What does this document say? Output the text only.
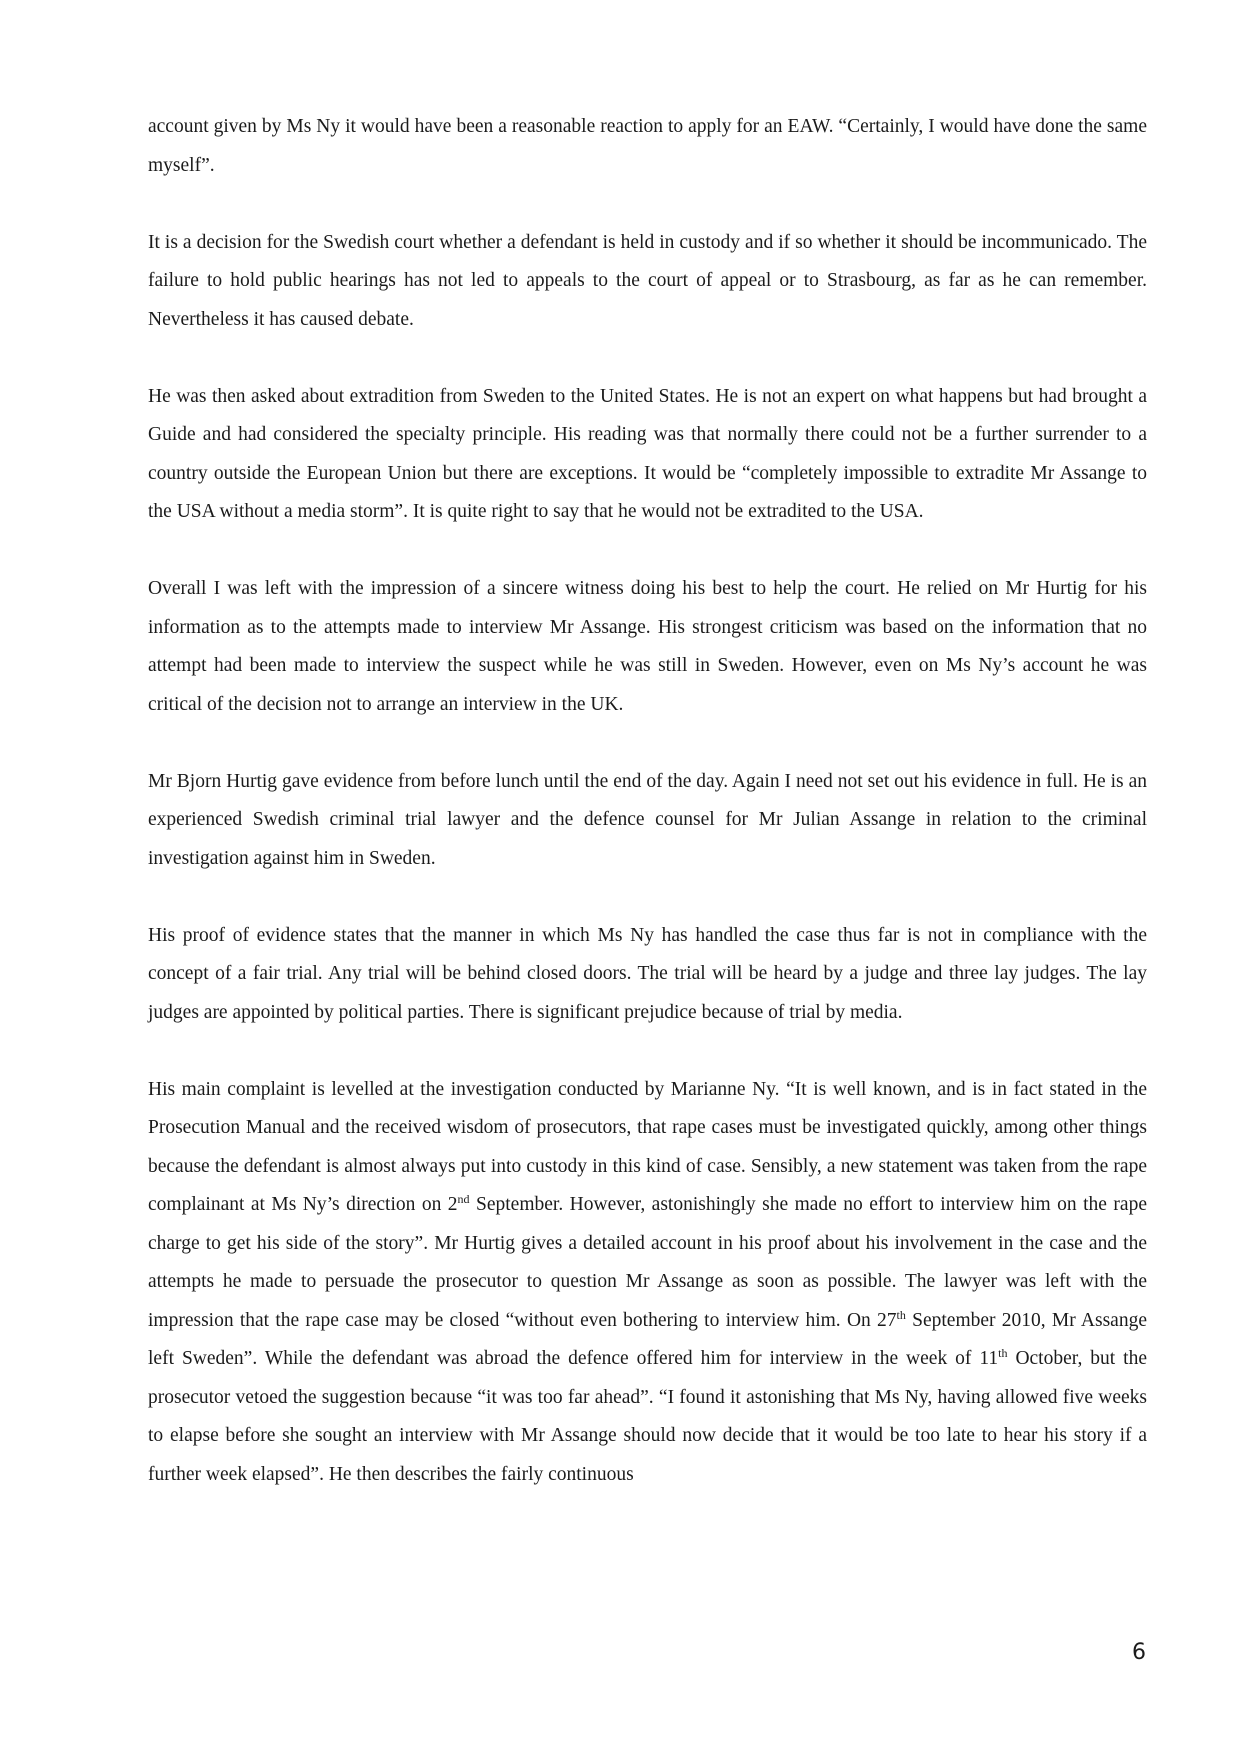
account given by Ms Ny it would have been a reasonable reaction to apply for an EAW. “Certainly, I would have done the same myself”.

It is a decision for the Swedish court whether a defendant is held in custody and if so whether it should be incommunicado. The failure to hold public hearings has not led to appeals to the court of appeal or to Strasbourg, as far as he can remember. Nevertheless it has caused debate.

He was then asked about extradition from Sweden to the United States. He is not an expert on what happens but had brought a Guide and had considered the specialty principle. His reading was that normally there could not be a further surrender to a country outside the European Union but there are exceptions. It would be “completely impossible to extradite Mr Assange to the USA without a media storm”. It is quite right to say that he would not be extradited to the USA.

Overall I was left with the impression of a sincere witness doing his best to help the court. He relied on Mr Hurtig for his information as to the attempts made to interview Mr Assange. His strongest criticism was based on the information that no attempt had been made to interview the suspect while he was still in Sweden. However, even on Ms Ny’s account he was critical of the decision not to arrange an interview in the UK.

Mr Bjorn Hurtig gave evidence from before lunch until the end of the day. Again I need not set out his evidence in full. He is an experienced Swedish criminal trial lawyer and the defence counsel for Mr Julian Assange in relation to the criminal investigation against him in Sweden.

His proof of evidence states that the manner in which Ms Ny has handled the case thus far is not in compliance with the concept of a fair trial. Any trial will be behind closed doors. The trial will be heard by a judge and three lay judges. The lay judges are appointed by political parties. There is significant prejudice because of trial by media.

His main complaint is levelled at the investigation conducted by Marianne Ny. “It is well known, and is in fact stated in the Prosecution Manual and the received wisdom of prosecutors, that rape cases must be investigated quickly, among other things because the defendant is almost always put into custody in this kind of case. Sensibly, a new statement was taken from the rape complainant at Ms Ny’s direction on 2nd September. However, astonishingly she made no effort to interview him on the rape charge to get his side of the story”. Mr Hurtig gives a detailed account in his proof about his involvement in the case and the attempts he made to persuade the prosecutor to question Mr Assange as soon as possible. The lawyer was left with the impression that the rape case may be closed “without even bothering to interview him. On 27th September 2010, Mr Assange left Sweden”. While the defendant was abroad the defence offered him for interview in the week of 11th October, but the prosecutor vetoed the suggestion because “it was too far ahead”. “I found it astonishing that Ms Ny, having allowed five weeks to elapse before she sought an interview with Mr Assange should now decide that it would be too late to hear his story if a further week elapsed”. He then describes the fairly continuous

6
